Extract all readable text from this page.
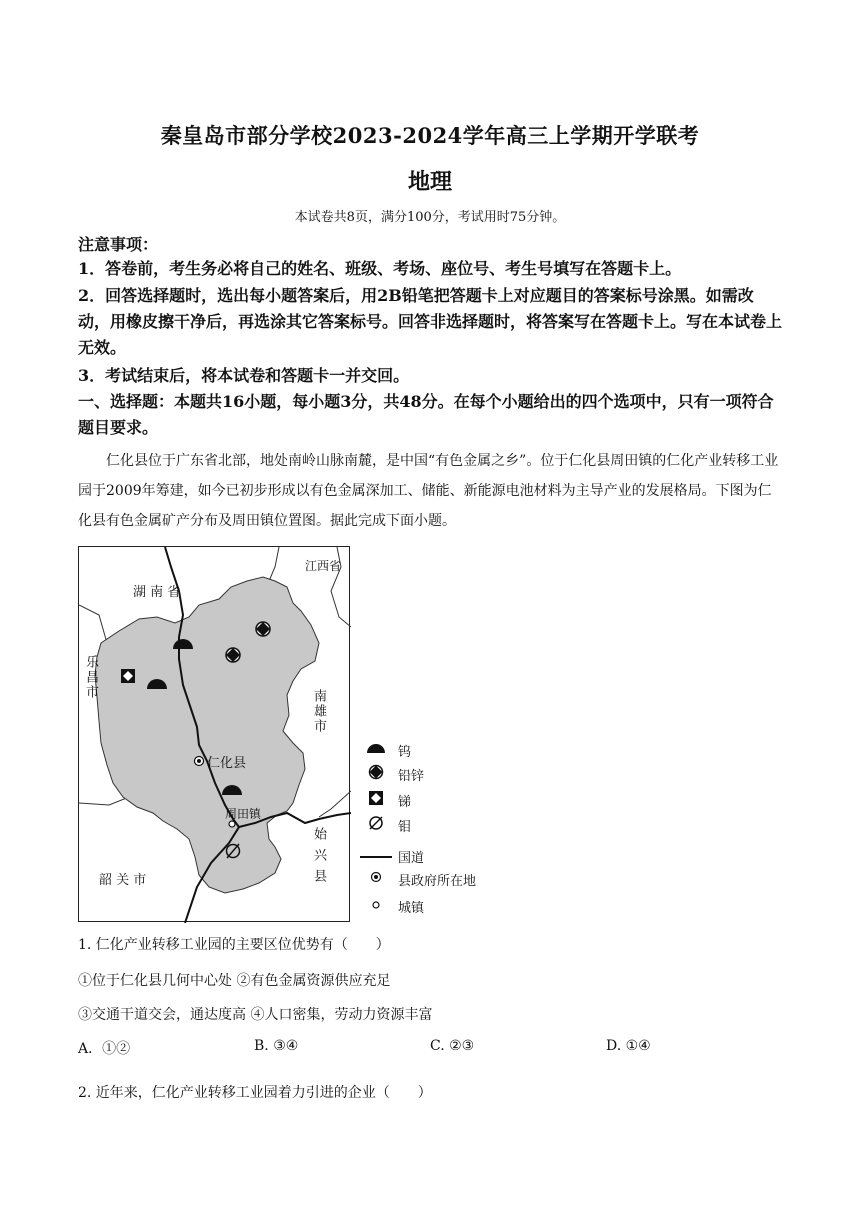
秦皇岛市部分学校2023-2024学年高三上学期开学联考
地理
本试卷共8页，满分100分，考试用时75分钟。
注意事项：
1．答卷前，考生务必将自己的姓名、班级、考场、座位号、考生号填写在答题卡上。
2．回答选择题时，选出每小题答案后，用2B铅笔把答题卡上对应题目的答案标号涂黑。如需改动，用橡皮擦干净后，再选涂其它答案标号。回答非选择题时，将答案写在答题卡上。写在本试卷上无效。
3．考试结束后，将本试卷和答题卡一并交回。
一、选择题：本题共16小题，每小题3分，共48分。在每个小题给出的四个选项中，只有一项符合题目要求。
仁化县位于广东省北部，地处南岭山脉南麓，是中国“有色金属之乡”。位于仁化县周田镇的仁化产业转移工业园于2009年筹建，如今已初步形成以有色金属深加工、储能、新能源电池材料为主导产业的发展格局。下图为仁化县有色金属矿产分布及周田镇位置图。据此完成下面小题。
湖 南 省
江西省
乐昌市
南雄市
仁化县
周田镇
始兴县
韶 关 市
钨
铅锌
锑
钼
国道
县政府所在地
城镇
1. 仁化产业转移工业园的主要区位优势有（　　）
①位于仁化县几何中心处 ②有色金属资源供应充足
③交通干道交会，通达度高 ④人口密集，劳动力资源丰富
A．①②	B. ③④	C. ②③	D. ①④
2. 近年来，仁化产业转移工业园着力引进的企业（　　）
